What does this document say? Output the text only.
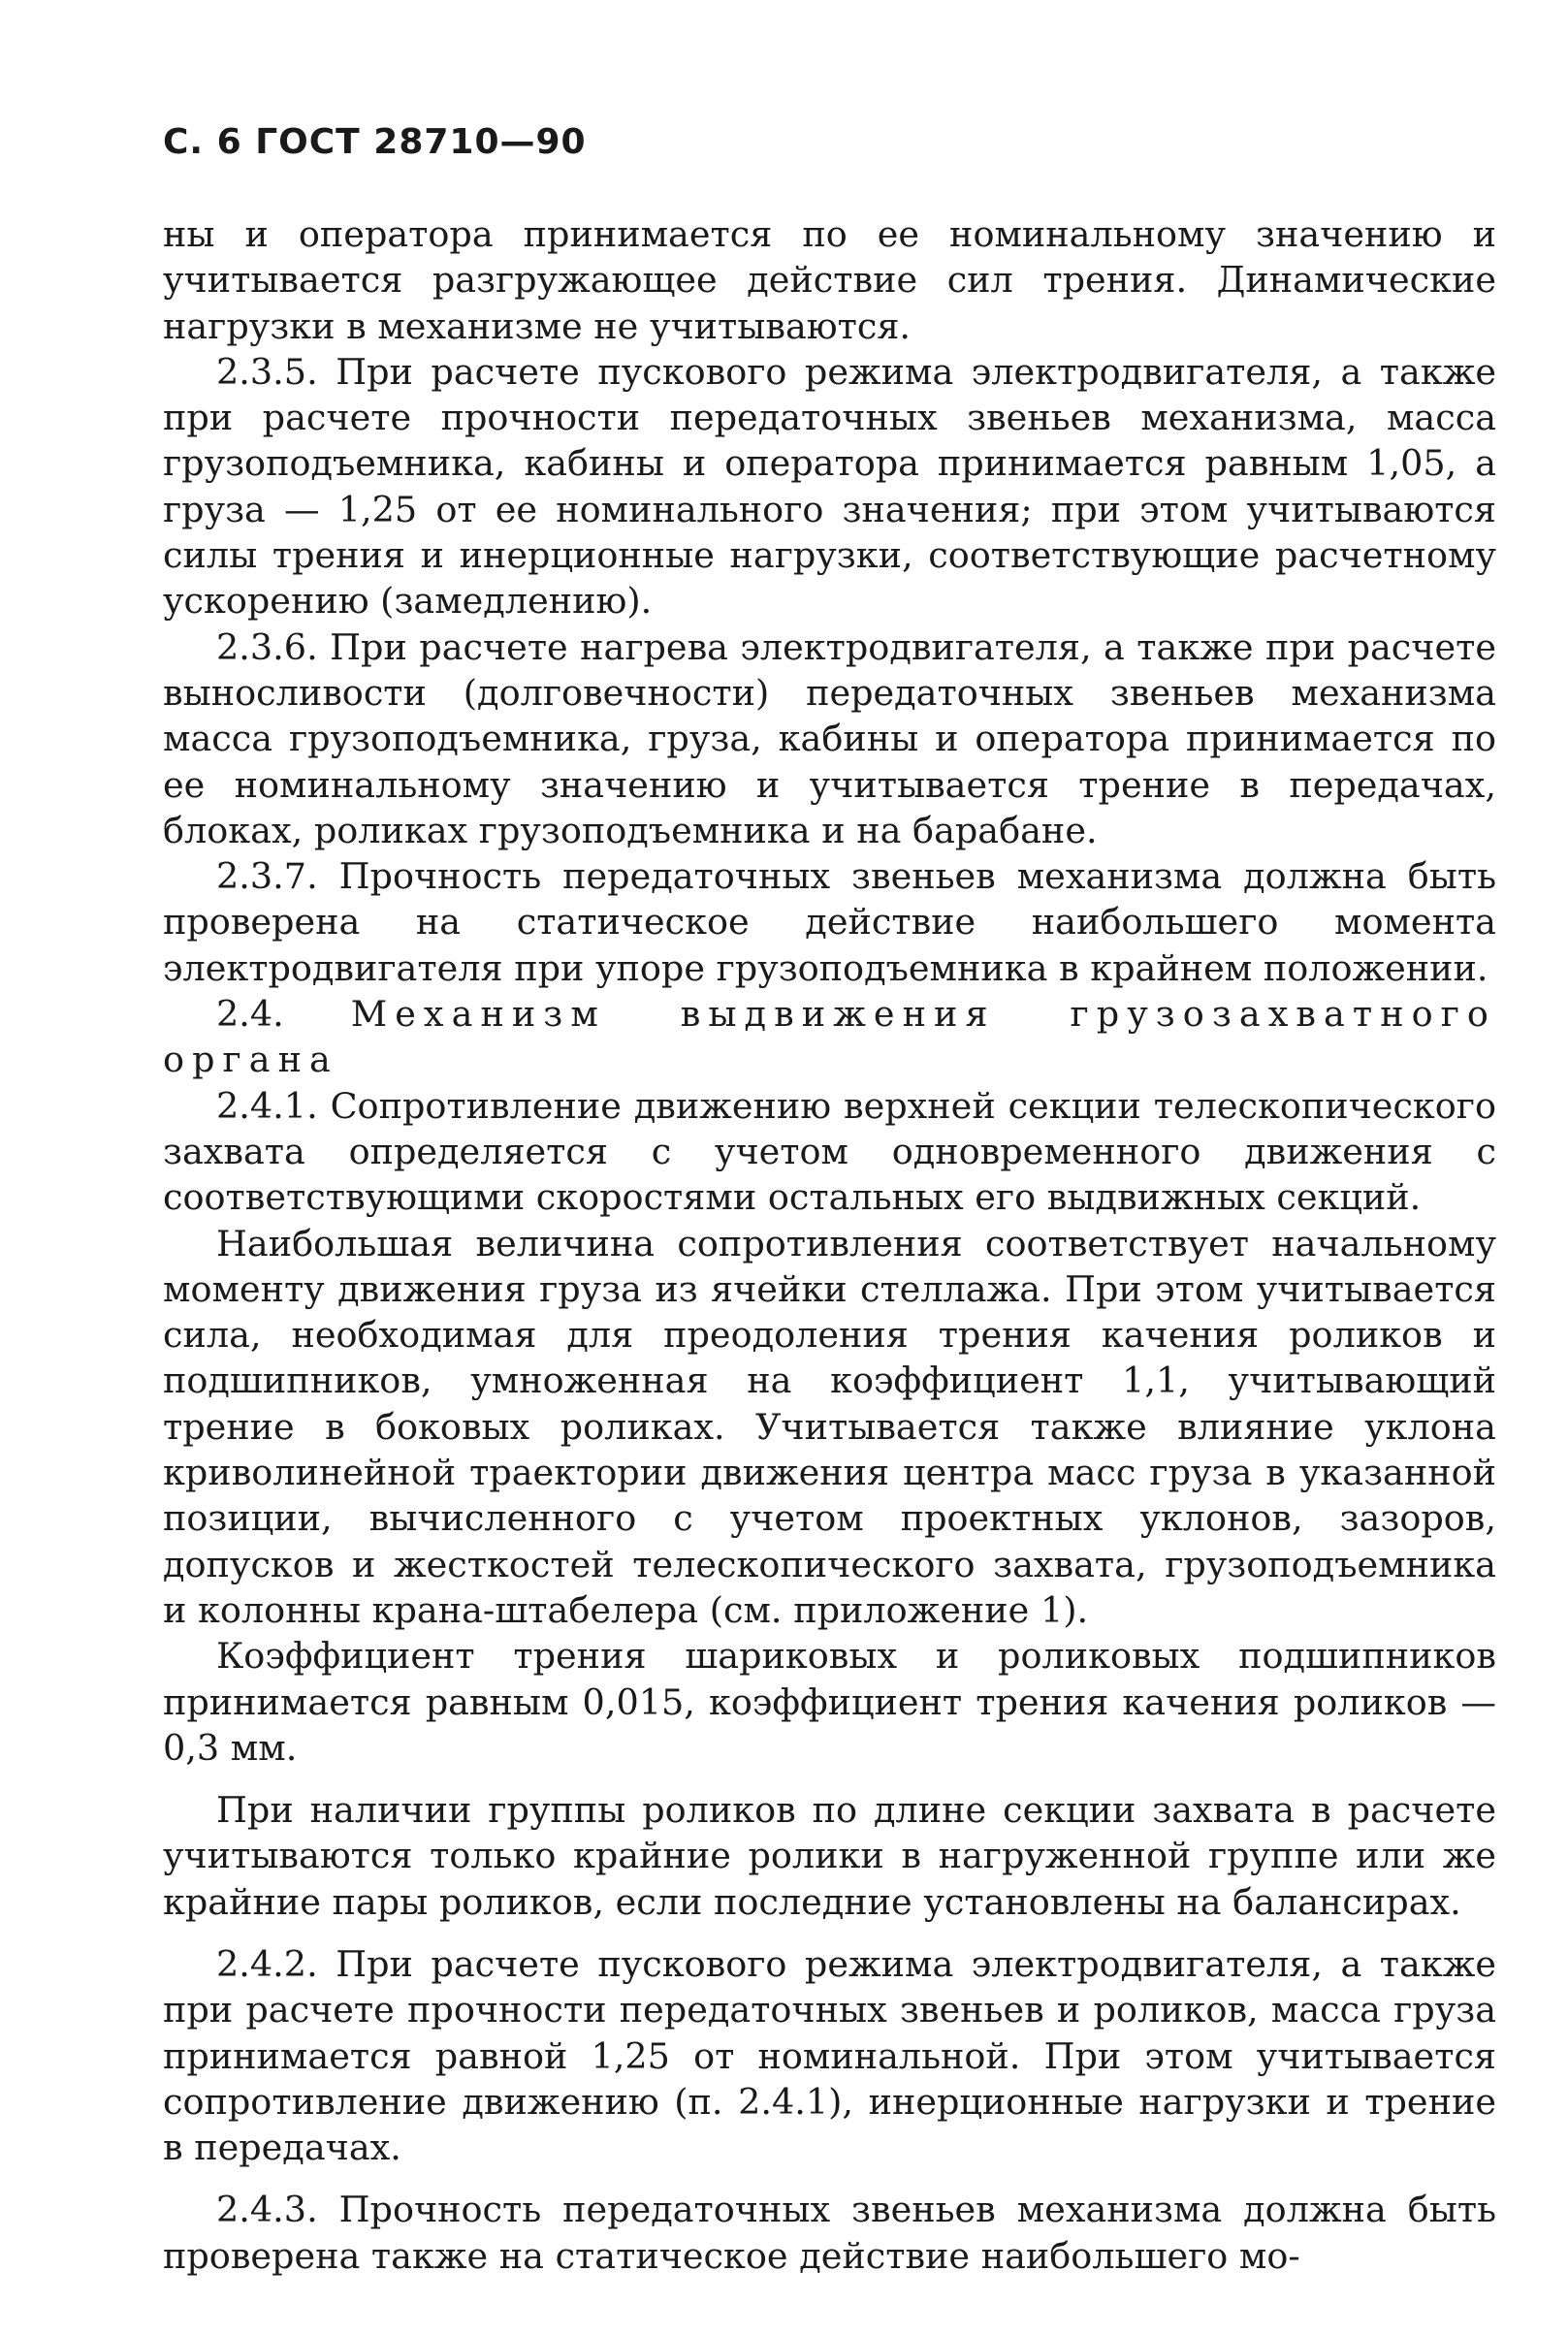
С. 6 ГОСТ 28710—90

ны и оператора принимается по ее номинальному значению и учитывается разгружающее действие сил трения. Динамические нагрузки в механизме не учитываются.

2.3.5. При расчете пускового режима электродвигателя, а также при расчете прочности передаточных звеньев механизма, масса грузоподъемника, кабины и оператора принимается равным 1,05, а груза — 1,25 от ее номинального значения; при этом учитываются силы трения и инерционные нагрузки, соответствующие расчетному ускорению (замедлению).

2.3.6. При расчете нагрева электродвигателя, а также при расчете выносливости (долговечности) передаточных звеньев механизма масса грузоподъемника, груза, кабины и оператора принимается по ее номинальному значению и учитывается трение в передачах, блоках, роликах грузоподъемника и на барабане.

2.3.7. Прочность передаточных звеньев механизма должна быть проверена на статическое действие наибольшего момента электродвигателя при упоре грузоподъемника в крайнем положении.

2.4. Механизм выдвижения грузозахватного

органа

2.4.1. Сопротивление движению верхней секции телескопического захвата определяется с учетом одновременного движения с соответствующими скоростями остальных его выдвижных секций.

Наибольшая величина сопротивления соответствует начальному моменту движения груза из ячейки стеллажа. При этом учитывается сила, необходимая для преодоления трения качения роликов и подшипников, умноженная на коэффициент 1,1, учитывающий трение в боковых роликах. Учитывается также влияние уклона криволинейной траектории движения центра масс груза в указанной позиции, вычисленного с учетом проектных уклонов, зазоров, допусков и жесткостей телескопического захвата, грузоподъемника и колонны крана-штабелера (см. приложение 1).

Коэффициент трения шариковых и роликовых подшипников принимается равным 0,015, коэффициент трения качения роликов — 0,3 мм.

При наличии группы роликов по длине секции захвата в расчете учитываются только крайние ролики в нагруженной группе или же крайние пары роликов, если последние установлены на балансирах.

2.4.2. При расчете пускового режима электродвигателя, а также при расчете прочности передаточных звеньев и роликов, масса груза принимается равной 1,25 от номинальной. При этом учитывается сопротивление движению (п. 2.4.1), инерционные нагрузки и трение в передачах.

2.4.3. Прочность передаточных звеньев механизма должна быть проверена также на статическое действие наибольшего мо-
